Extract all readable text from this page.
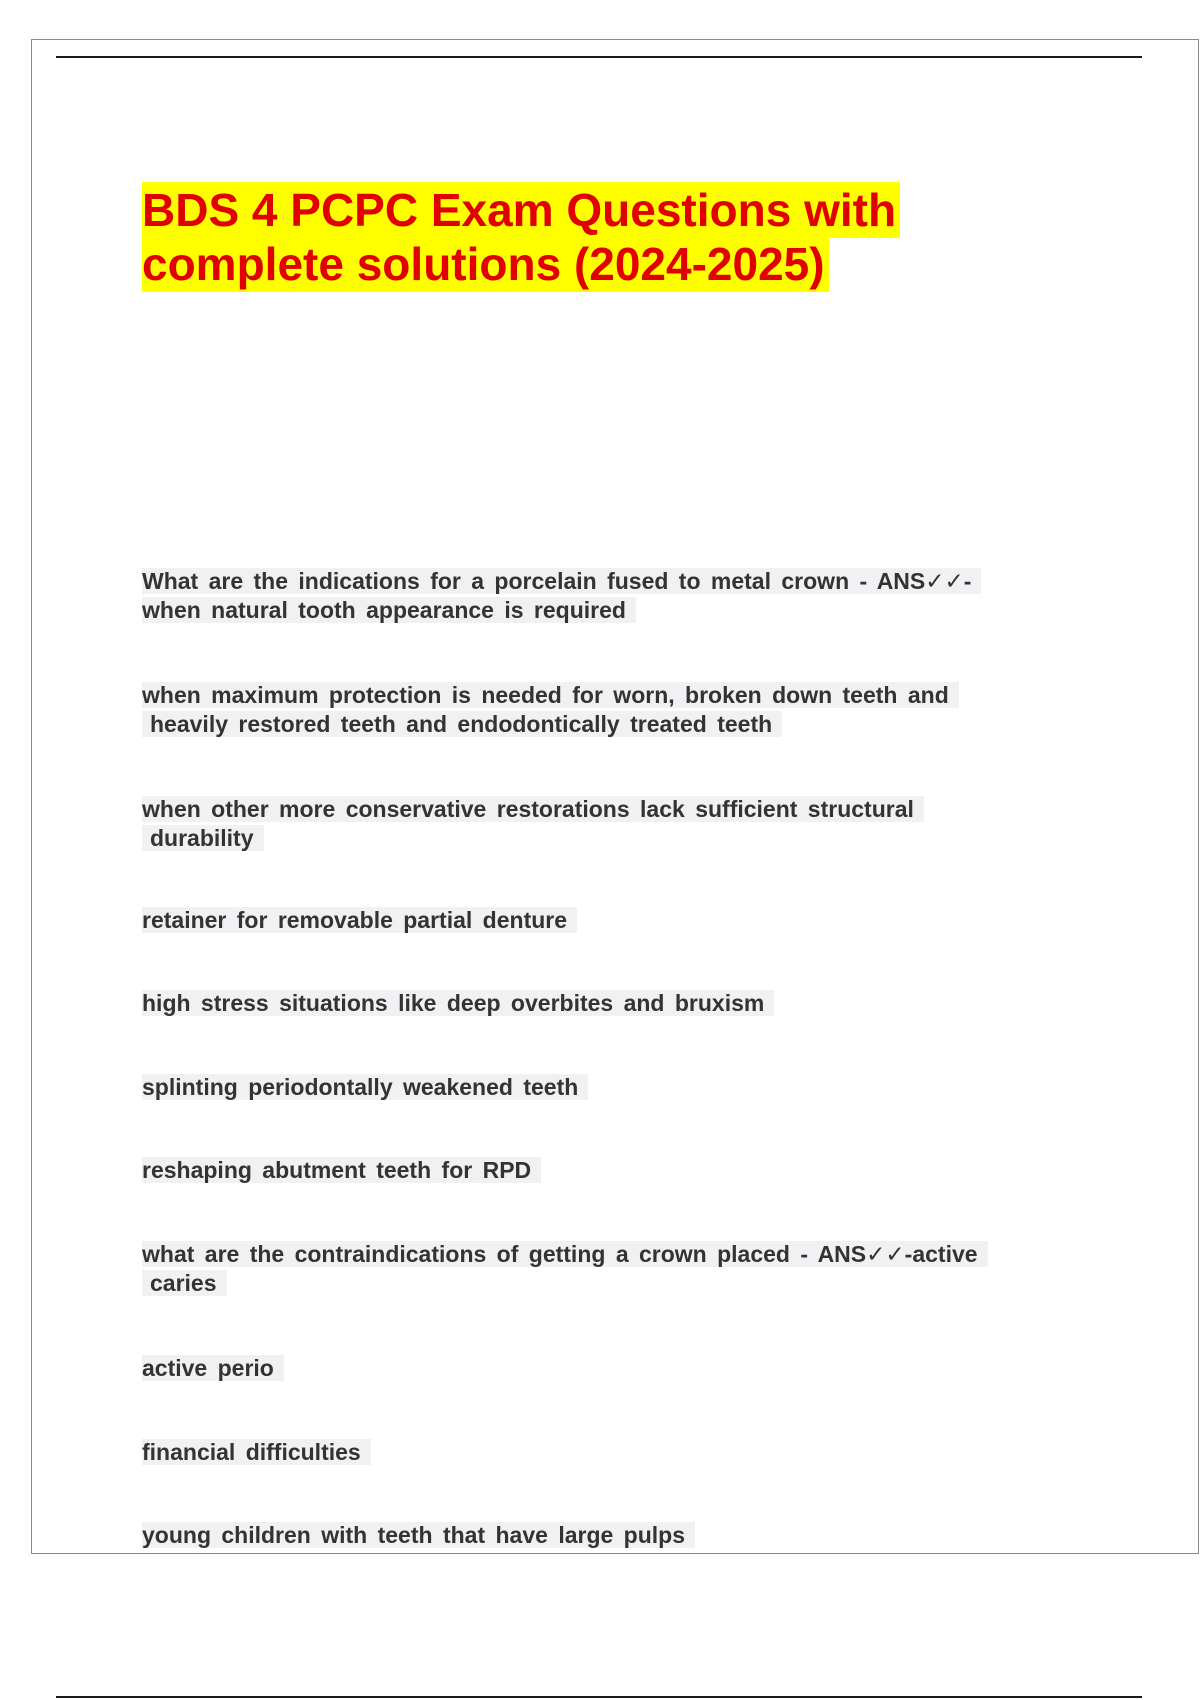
BDS 4 PCPC Exam Questions with
complete solutions (2024-2025)

What are the indications for a porcelain fused to metal crown - ANS✓✓-
when natural tooth appearance is required

when maximum protection is needed for worn, broken down teeth and
heavily restored teeth and endodontically treated teeth

when other more conservative restorations lack sufficient structural
durability

retainer for removable partial denture

high stress situations like deep overbites and bruxism

splinting periodontally weakened teeth

reshaping abutment teeth for RPD

what are the contraindications of getting a crown placed - ANS✓✓-active
caries

active perio

financial difficulties

young children with teeth that have large pulps
